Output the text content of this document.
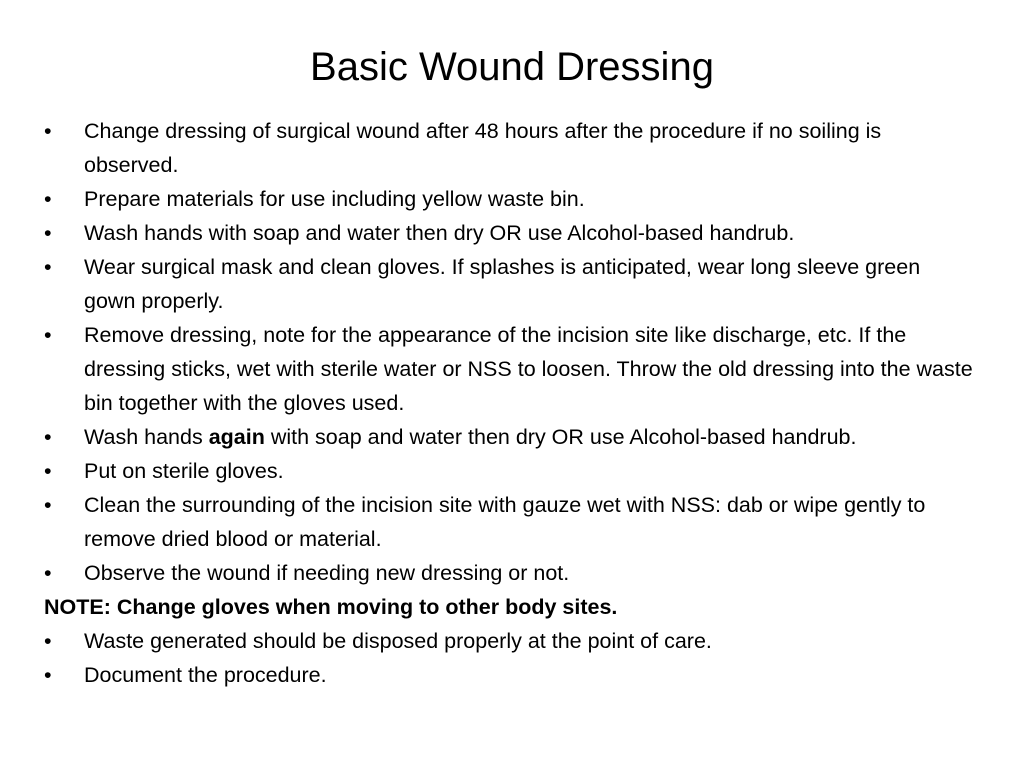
Basic Wound Dressing
•	Change dressing of surgical wound after 48 hours after the procedure if no soiling is observed.
•	Prepare materials for use including yellow waste bin.
•	Wash hands with soap and water then dry OR use Alcohol-based handrub.
•	Wear surgical mask and clean gloves. If splashes is anticipated, wear long sleeve green gown properly.
•	Remove dressing, note for the appearance of the incision site like discharge, etc. If the dressing sticks, wet with sterile water or NSS to loosen. Throw the old dressing into the waste bin together with the gloves used.
•	Wash hands again with soap and water then dry OR use Alcohol-based handrub.
•	Put on sterile gloves.
•	Clean the surrounding of the incision site with gauze wet with NSS: dab or wipe gently to remove dried blood or material.
•	Observe the wound if needing new dressing or not.
NOTE: Change gloves when moving to other body sites.
•	Waste generated should be disposed properly at the point of care.
•	Document the procedure.
